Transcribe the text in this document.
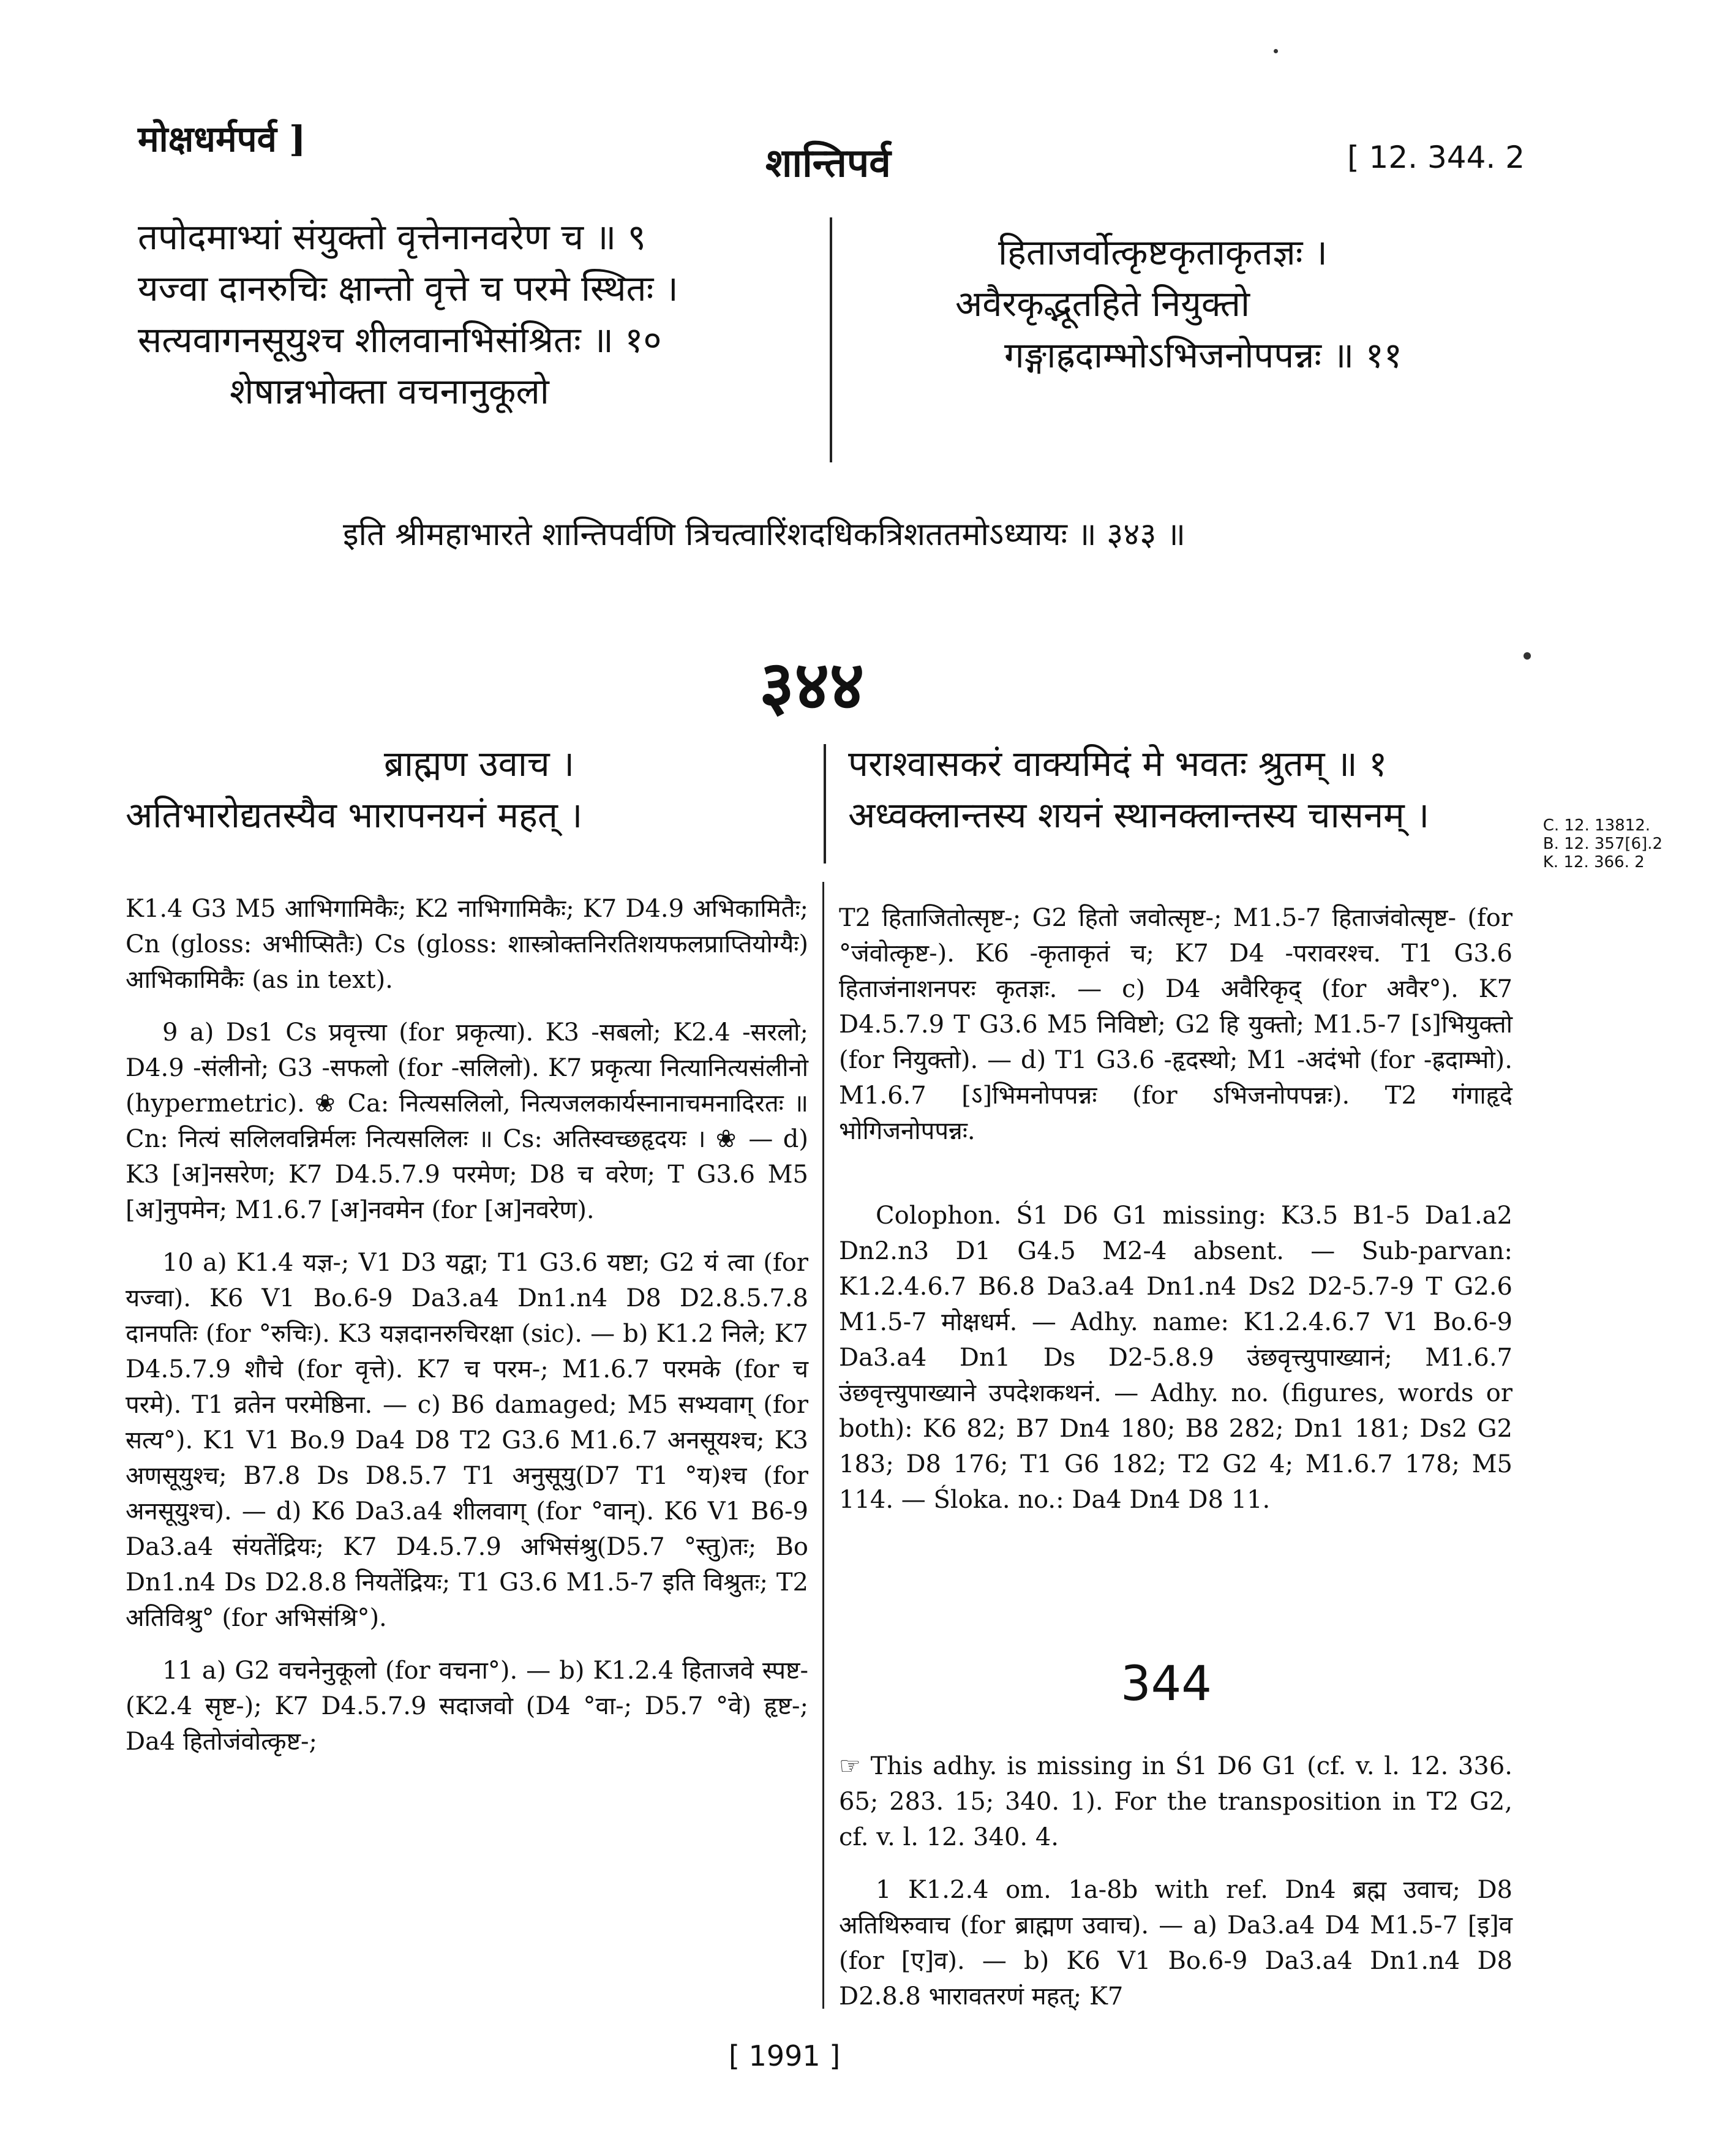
मोक्षधर्मपर्व ]
शान्तिपर्व	[ 12. 344. 2
तपोदमाभ्यां संयुक्तो वृत्तेनानवरेण च ॥ ९
यज्वा दानरुचिः क्षान्तो वृत्ते च परमे स्थितः ।
सत्यवागनसूयुश्च शीलवानभिसंश्रितः ॥ १०
शेषान्नभोक्ता वचनानुकूलो
हिताजर्वोत्कृष्टकृताकृतज्ञः ।
अवैरकृद्भूतहिते नियुक्तो
गङ्गाह्रदाम्भोऽभिजनोपपन्नः ॥ ११
इति श्रीमहाभारते शान्तिपर्वणि त्रिचत्वारिंशदधिकत्रिशततमोऽध्यायः ॥ ३४३ ॥
३४४
ब्राह्मण उवाच ।
अतिभारोद्यतस्यैव भारापनयनं महत् ।
पराश्वासकरं वाक्यमिदं मे भवतः श्रुतम् ॥ १
अध्वक्लान्तस्य शयनं स्थानक्लान्तस्य चासनम् ।	C. 12. 13812.
B. 12. 357[6].2
K. 12. 366. 2

K1.4 G3 M5 आभिगामिकैः; K2 नाभिगामिकैः; K7 D4.9 अभिकामितैः; Cn (gloss: अभीप्सितैः) Cs (gloss: शास्त्रोक्तनिरतिशयफलप्राप्तियोग्यैः) आभिकामिकैः (as in text).

9 a) Ds1 Cs प्रवृत्त्या (for प्रकृत्या). K3 -सबलो; K2.4 -सरलो; D4.9 -संलीनो; G3 -सफलो (for -सलिलो). K7 प्रकृत्या नित्यानित्यसंलीनो (hypermetric). ❀ Ca: नित्यसलिलो, नित्यजलकार्यस्नानाचमनादिरतः ॥ Cn: नित्यं सलिलवन्निर्मलः नित्यसलिलः ॥ Cs: अतिस्वच्छहृदयः । ❀ — d) K3 [अ]नसरेण; K7 D4.5.7.9 परमेण; D8 च वरेण; T G3.6 M5 [अ]नुपमेन; M1.6.7 [अ]नवमेन (for [अ]नवरेण).

10 a) K1.4 यज्ञ-; V1 D3 यद्वा; T1 G3.6 यष्टा; G2 यं त्वा (for यज्वा). K6 V1 Bo.6-9 Da3.a4 Dn1.n4 D8 D2.8.5.7.8 दानपतिः (for °रुचिः). K3 यज्ञदानरुचिरक्षा (sic). — b) K1.2 निले; K7 D4.5.7.9 शौचे (for वृत्ते). K7 च परम-; M1.6.7 परमके (for च परमे). T1 व्रतेन परमेष्ठिना. — c) B6 damaged; M5 सभ्यवाग् (for सत्य°). K1 V1 Bo.9 Da4 D8 T2 G3.6 M1.6.7 अनसूयश्च; K3 अणसूयुश्च; B7.8 Ds D8.5.7 T1 अनुसूयु(D7 T1 °य)श्च (for अनसूयुश्च). — d) K6 Da3.a4 शीलवाग् (for °वान्). K6 V1 B6-9 Da3.a4 संयतेंद्रियः; K7 D4.5.7.9 अभिसंश्रु(D5.7 °स्तु)तः; Bo Dn1.n4 Ds D2.8.8 नियतेंद्रियः; T1 G3.6 M1.5-7 इति विश्रुतः; T2 अतिविश्रु° (for अभिसंश्रि°).

11 a) G2 वचनेनुकूलो (for वचना°). — b) K1.2.4 हिताजवे स्पष्ट- (K2.4 सृष्ट-); K7 D4.5.7.9 सदाजवो (D4 °वा-; D5.7 °वे) हृष्ट-; Da4 हितोजंवोत्कृष्ट-;

T2 हिताजितोत्सृष्ट-; G2 हितो जवोत्सृष्ट-; M1.5-7 हिताजंवोत्सृष्ट- (for °जंवोत्कृष्ट-). K6 -कृताकृतं च; K7 D4 -परावरश्च. T1 G3.6 हिताजंनाशनपरः कृतज्ञः. — c) D4 अवैरिकृद् (for अवैर°). K7 D4.5.7.9 T G3.6 M5 निविष्टो; G2 हि युक्तो; M1.5-7 [ऽ]भियुक्तो (for नियुक्तो). — d) T1 G3.6 -हृदस्थो; M1 -अदंभो (for -ह्रदाम्भो). M1.6.7 [ऽ]भिमनोपपन्नः (for ऽभिजनोपपन्नः). T2 गंगाहृदे भोगिजनोपपन्नः.

Colophon. Ś1 D6 G1 missing: K3.5 B1-5 Da1.a2 Dn2.n3 D1 G4.5 M2-4 absent. — Sub-parvan: K1.2.4.6.7 B6.8 Da3.a4 Dn1.n4 Ds2 D2-5.7-9 T G2.6 M1.5-7 मोक्षधर्म. — Adhy. name: K1.2.4.6.7 V1 Bo.6-9 Da3.a4 Dn1 Ds D2-5.8.9 उंछवृत्त्युपाख्यानं; M1.6.7 उंछवृत्त्युपाख्याने उपदेशकथनं. — Adhy. no. (figures, words or both): K6 82; B7 Dn4 180; B8 282; Dn1 181; Ds2 G2 183; D8 176; T1 G6 182; T2 G2 4; M1.6.7 178; M5 114. — Śloka. no.: Da4 Dn4 D8 11.

344

☞ This adhy. is missing in Ś1 D6 G1 (cf. v. l. 12. 336. 65; 283. 15; 340. 1). For the transposition in T2 G2, cf. v. l. 12. 340. 4.

1 K1.2.4 om. 1a-8b with ref. Dn4 ब्रह्म उवाच; D8 अतिथिरुवाच (for ब्राह्मण उवाच). — a) Da3.a4 D4 M1.5-7 [इ]व (for [ए]व). — b) K6 V1 Bo.6-9 Da3.a4 Dn1.n4 D8 D2.8.8 भारावतरणं महत्; K7

[ 1991 ]
